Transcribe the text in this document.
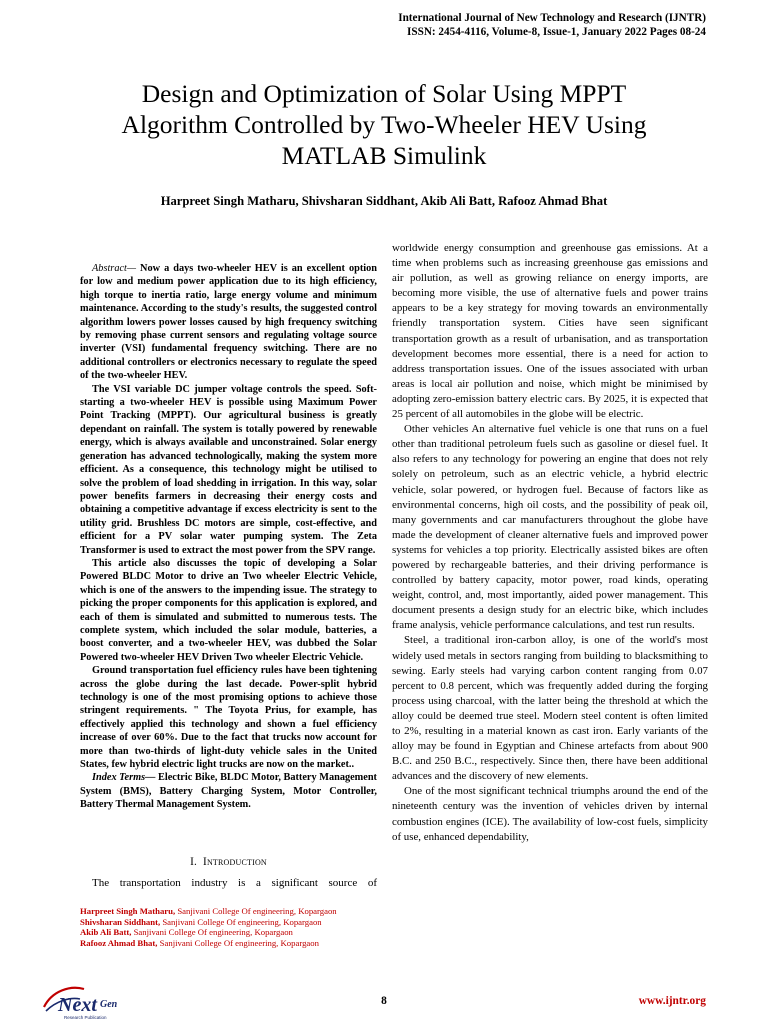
International Journal of New Technology and Research (IJNTR)
ISSN: 2454-4116, Volume-8, Issue-1, January 2022 Pages 08-24
Design and Optimization of Solar Using MPPT
Algorithm Controlled by Two-Wheeler HEV Using
MATLAB Simulink
Harpreet Singh Matharu, Shivsharan Siddhant, Akib Ali Batt, Rafooz Ahmad Bhat

Abstract— Now a days two-wheeler HEV is an excellent option for low and medium power application due to its high efficiency, high torque to inertia ratio, large energy volume and minimum maintenance. According to the study's results, the suggested control algorithm lowers power losses caused by high frequency switching by removing phase current sensors and regulating voltage source inverter (VSI) fundamental frequency switching. There are no additional controllers or electronics necessary to regulate the speed of the two-wheeler HEV.

The VSI variable DC jumper voltage controls the speed. Soft-starting a two-wheeler HEV is possible using Maximum Power Point Tracking (MPPT). Our agricultural business is greatly dependant on rainfall. The system is totally powered by renewable energy, which is always available and unconstrained. Solar energy generation has advanced technologically, making the system more efficient. As a consequence, this technology might be utilised to solve the problem of load shedding in irrigation. In this way, solar power benefits farmers in decreasing their energy costs and obtaining a competitive advantage if excess electricity is sent to the utility grid. Brushless DC motors are simple, cost-effective, and efficient for a PV solar water pumping system. The Zeta Transformer is used to extract the most power from the SPV range.

This article also discusses the topic of developing a Solar Powered BLDC Motor to drive an Two wheeler Electric Vehicle, which is one of the answers to the impending issue. The strategy to picking the proper components for this application is explored, and each of them is simulated and submitted to numerous tests. The complete system, which included the solar module, batteries, a boost converter, and a two-wheeler HEV, was dubbed the Solar Powered two-wheeler HEV Driven Two wheeler Electric Vehicle.

Ground transportation fuel efficiency rules have been tightening across the globe during the last decade. Power-split hybrid technology is one of the most promising options to achieve those stringent requirements. " The Toyota Prius, for example, has effectively applied this technology and shown a fuel efficiency increase of over 60%. Due to the fact that trucks now account for more than two-thirds of light-duty vehicle sales in the United States, few hybrid electric light trucks are now on the market..

Index Terms— Electric Bike, BLDC Motor, Battery Management System (BMS), Battery Charging System, Motor Controller, Battery Thermal Management System.

I. Introduction
The transportation industry is a significant source of
Harpreet Singh Matharu, Sanjivani College Of engineering, Kopargaon
Shivsharan Siddhant, Sanjivani College Of engineering, Kopargaon
Akib Ali Batt, Sanjivani College Of engineering, Kopargaon
Rafooz Ahmad Bhat, Sanjivani College Of engineering, Kopargaon

worldwide energy consumption and greenhouse gas emissions. At a time when problems such as increasing greenhouse gas emissions and air pollution, as well as growing reliance on energy imports, are becoming more visible, the use of alternative fuels and power trains appears to be a key strategy for moving towards an environmentally friendly transportation system. Cities have seen significant transportation growth as a result of urbanisation, and as transportation development becomes more essential, there is a need for action to address transportation issues. One of the issues associated with urban areas is local air pollution and noise, which might be minimised by adopting zero-emission battery electric cars. By 2025, it is expected that 25 percent of all automobiles in the globe will be electric.

Other vehicles An alternative fuel vehicle is one that runs on a fuel other than traditional petroleum fuels such as gasoline or diesel fuel. It also refers to any technology for powering an engine that does not rely solely on petroleum, such as an electric vehicle, a hybrid electric vehicle, solar powered, or hydrogen fuel. Because of factors like as environmental concerns, high oil costs, and the possibility of peak oil, many governments and car manufacturers throughout the globe have made the development of cleaner alternative fuels and improved power systems for vehicles a top priority. Electrically assisted bikes are often powered by rechargeable batteries, and their driving performance is controlled by battery capacity, motor power, road kinds, operating weight, control, and, most importantly, aided power management. This document presents a design study for an electric bike, which includes frame analysis, vehicle performance calculations, and test run results.

Steel, a traditional iron-carbon alloy, is one of the world's most widely used metals in sectors ranging from building to blacksmithing to sewing. Early steels had varying carbon content ranging from 0.07 percent to 0.8 percent, which was frequently added during the forging process using charcoal, with the latter being the threshold at which the alloy could be deemed true steel. Modern steel content is often limited to 2%, resulting in a material known as cast iron. Early variants of the alloy may be found in Egyptian and Chinese artefacts from about 900 B.C. and 250 B.C., respectively. Since then, there have been additional advances and the discovery of new elements.

One of the most significant technical triumphs around the end of the nineteenth century was the invention of vehicles driven by internal combustion engines (ICE). The availability of low-cost fuels, simplicity of use, enhanced dependability,

Next Gen
Research Publication
8	www.ijntr.org
